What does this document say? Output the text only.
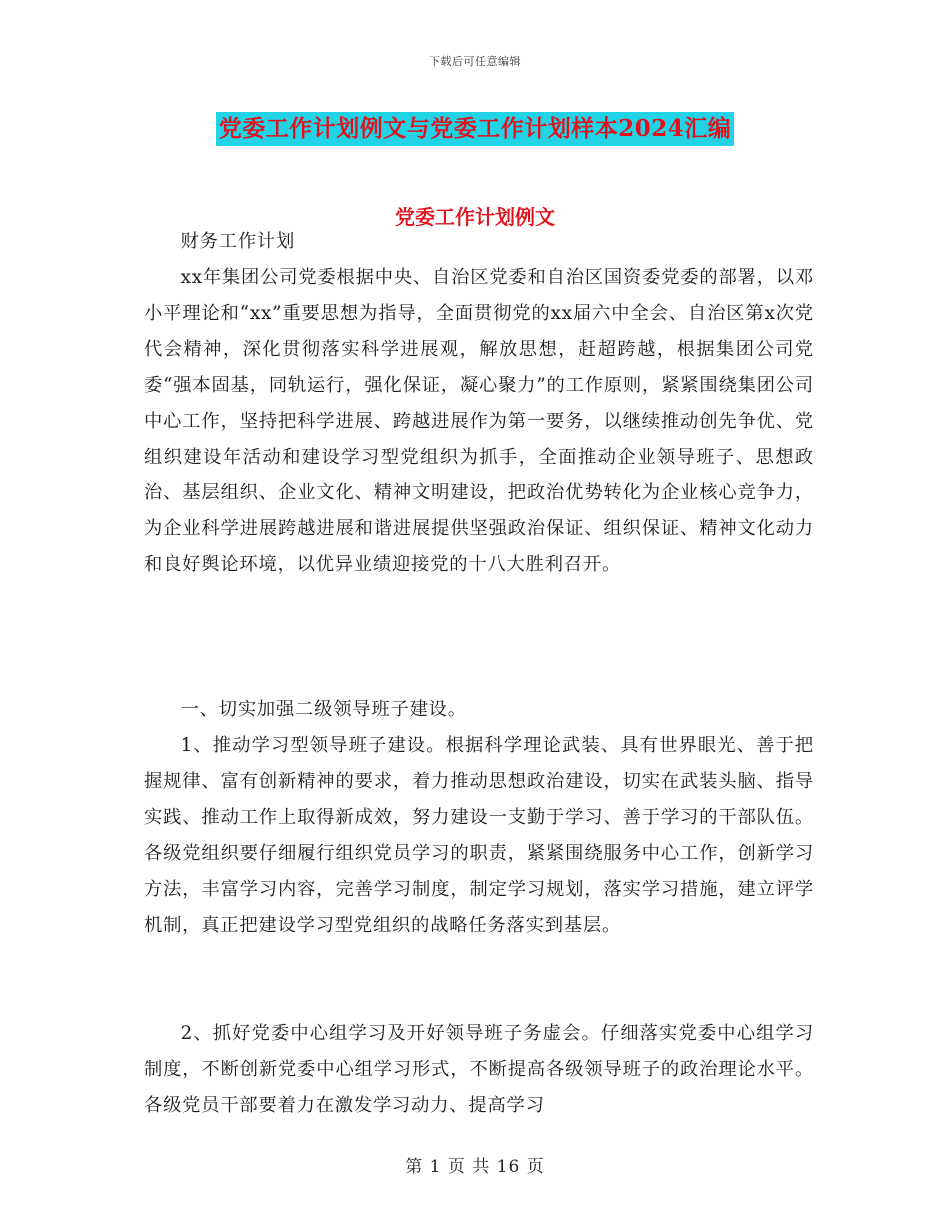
下载后可任意编辑
党委工作计划例文与党委工作计划样本2024汇编
党委工作计划例文

财务工作计划

xx年集团公司党委根据中央、自治区党委和自治区国资委党委的部署，以邓小平理论和“xx”重要思想为指导，全面贯彻党的xx届六中全会、自治区第x次党代会精神，深化贯彻落实科学进展观，解放思想，赶超跨越，根据集团公司党委“强本固基，同轨运行，强化保证，凝心聚力”的工作原则，紧紧围绕集团公司中心工作，坚持把科学进展、跨越进展作为第一要务，以继续推动创先争优、党组织建设年活动和建设学习型党组织为抓手，全面推动企业领导班子、思想政治、基层组织、企业文化、精神文明建设，把政治优势转化为企业核心竞争力，为企业科学进展跨越进展和谐进展提供坚强政治保证、组织保证、精神文化动力和良好舆论环境，以优异业绩迎接党的十八大胜利召开。

一、切实加强二级领导班子建设。

1、推动学习型领导班子建设。根据科学理论武装、具有世界眼光、善于把握规律、富有创新精神的要求，着力推动思想政治建设，切实在武装头脑、指导实践、推动工作上取得新成效，努力建设一支勤于学习、善于学习的干部队伍。各级党组织要仔细履行组织党员学习的职责，紧紧围绕服务中心工作，创新学习方法，丰富学习内容，完善学习制度，制定学习规划，落实学习措施，建立评学机制，真正把建设学习型党组织的战略任务落实到基层。

2、抓好党委中心组学习及开好领导班子务虚会。仔细落实党委中心组学习制度，不断创新党委中心组学习形式，不断提高各级领导班子的政治理论水平。各级党员干部要着力在激发学习动力、提高学习

第 1 页 共 16 页
